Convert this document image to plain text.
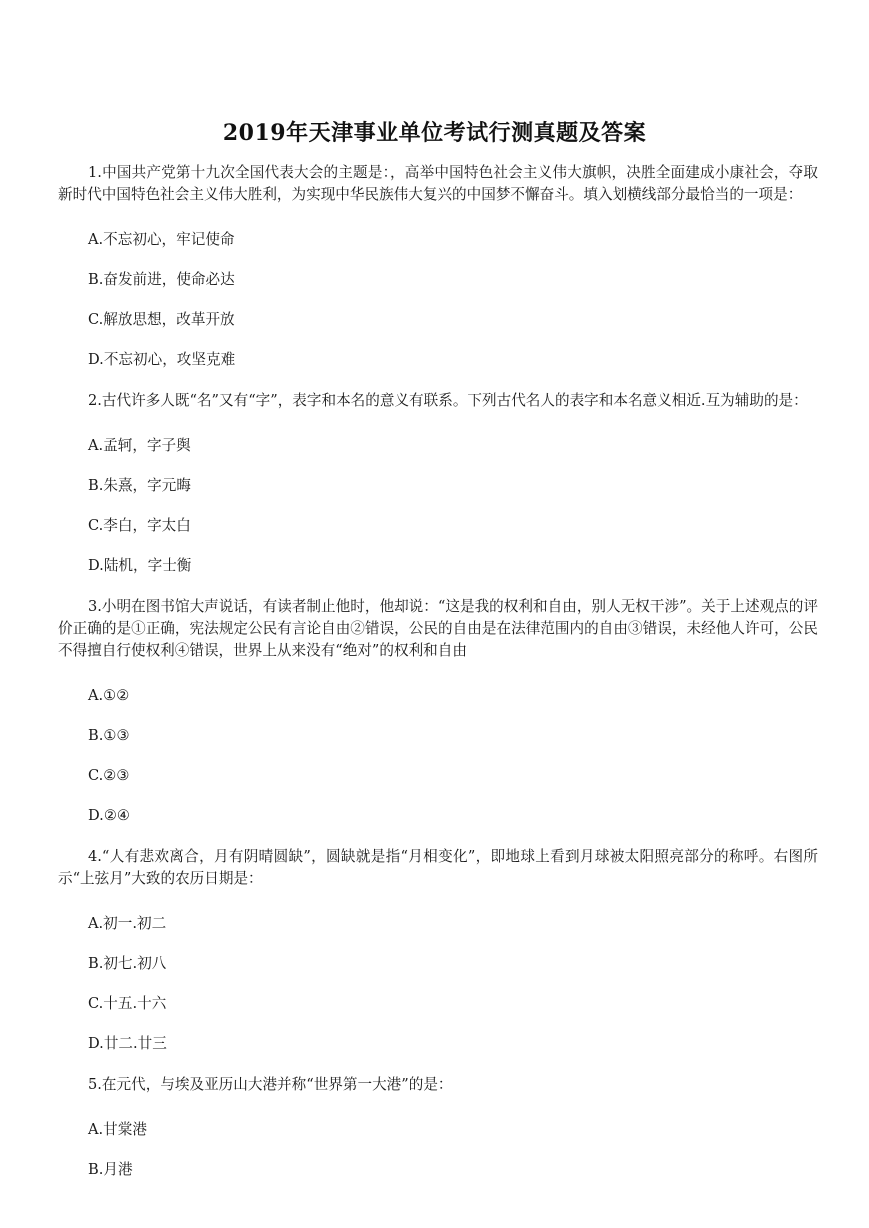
2019年天津事业单位考试行测真题及答案

1.中国共产党第十九次全国代表大会的主题是：，高举中国特色社会主义伟大旗帜，决胜全面建成小康社会，夺取新时代中国特色社会主义伟大胜利，为实现中华民族伟大复兴的中国梦不懈奋斗。填入划横线部分最恰当的一项是：

A.不忘初心，牢记使命
B.奋发前进，使命必达
C.解放思想，改革开放
D.不忘初心，攻坚克难

2.古代许多人既“名”又有“字”，表字和本名的意义有联系。下列古代名人的表字和本名意义相近.互为辅助的是：

A.孟轲，字子舆
B.朱熹，字元晦
C.李白，字太白
D.陆机，字士衡

3.小明在图书馆大声说话，有读者制止他时，他却说：“这是我的权利和自由，别人无权干涉”。关于上述观点的评价正确的是①正确，宪法规定公民有言论自由②错误，公民的自由是在法律范围内的自由③错误，未经他人许可，公民不得擅自行使权利④错误，世界上从来没有“绝对”的权利和自由

A.①②
B.①③
C.②③
D.②④

4.“人有悲欢离合，月有阴晴圆缺”，圆缺就是指“月相变化”，即地球上看到月球被太阳照亮部分的称呼。右图所示“上弦月”大致的农历日期是：

A.初一.初二
B.初七.初八
C.十五.十六
D.廿二.廿三

5.在元代，与埃及亚历山大港并称“世界第一大港”的是：

A.甘棠港
B.月港
